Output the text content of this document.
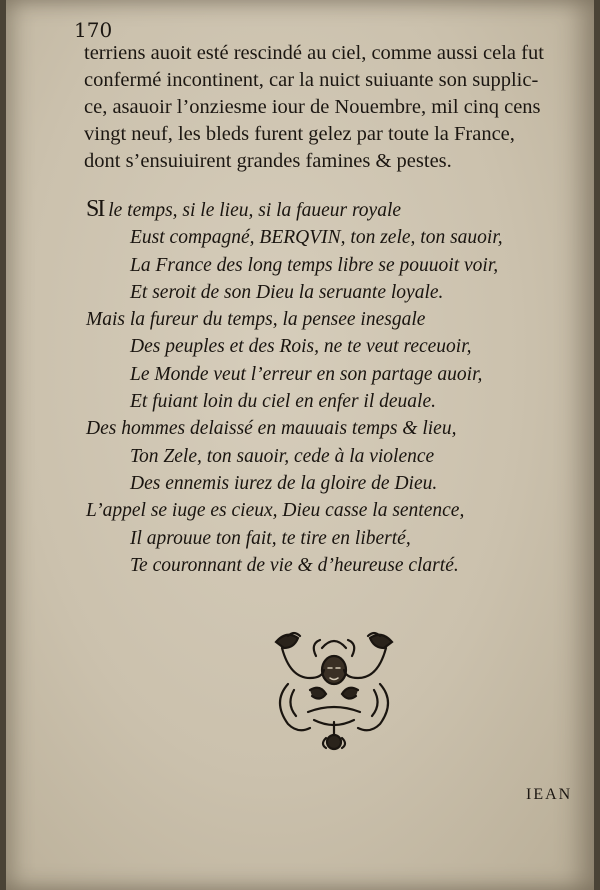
170
terriens auoit esté rescindé au ciel, comme aussi cela fut
confermé incontinent, car la nuict suiuante son supplic-
ce, asauoir l’onziesme iour de Nouembre, mil cinq cens
vingt neuf, les bleds furent gelez par toute la France,
dont s’ensuiuirent grandes famines & pestes.
SI le temps, si le lieu, si la faueur royale
Eust compagné, BERQVIN, ton zele, ton sauoir,
La France des long temps libre se pouuoit voir,
Et seroit de son Dieu la seruante loyale.
Mais la fureur du temps, la pensee inesgale
Des peuples et des Rois, ne te veut receuoir,
Le Monde veut l’erreur en son partage auoir,
Et fuiant loin du ciel en enfer il deuale.
Des hommes delaissé en mauuais temps & lieu,
Ton Zele, ton sauoir, cede à la violence
Des ennemis iurez de la gloire de Dieu.
L’appel se iuge es cieux, Dieu casse la sentence,
Il aprouue ton fait, te tire en liberté,
Te couronnant de vie & d’heureuse clarté.
IEAN
